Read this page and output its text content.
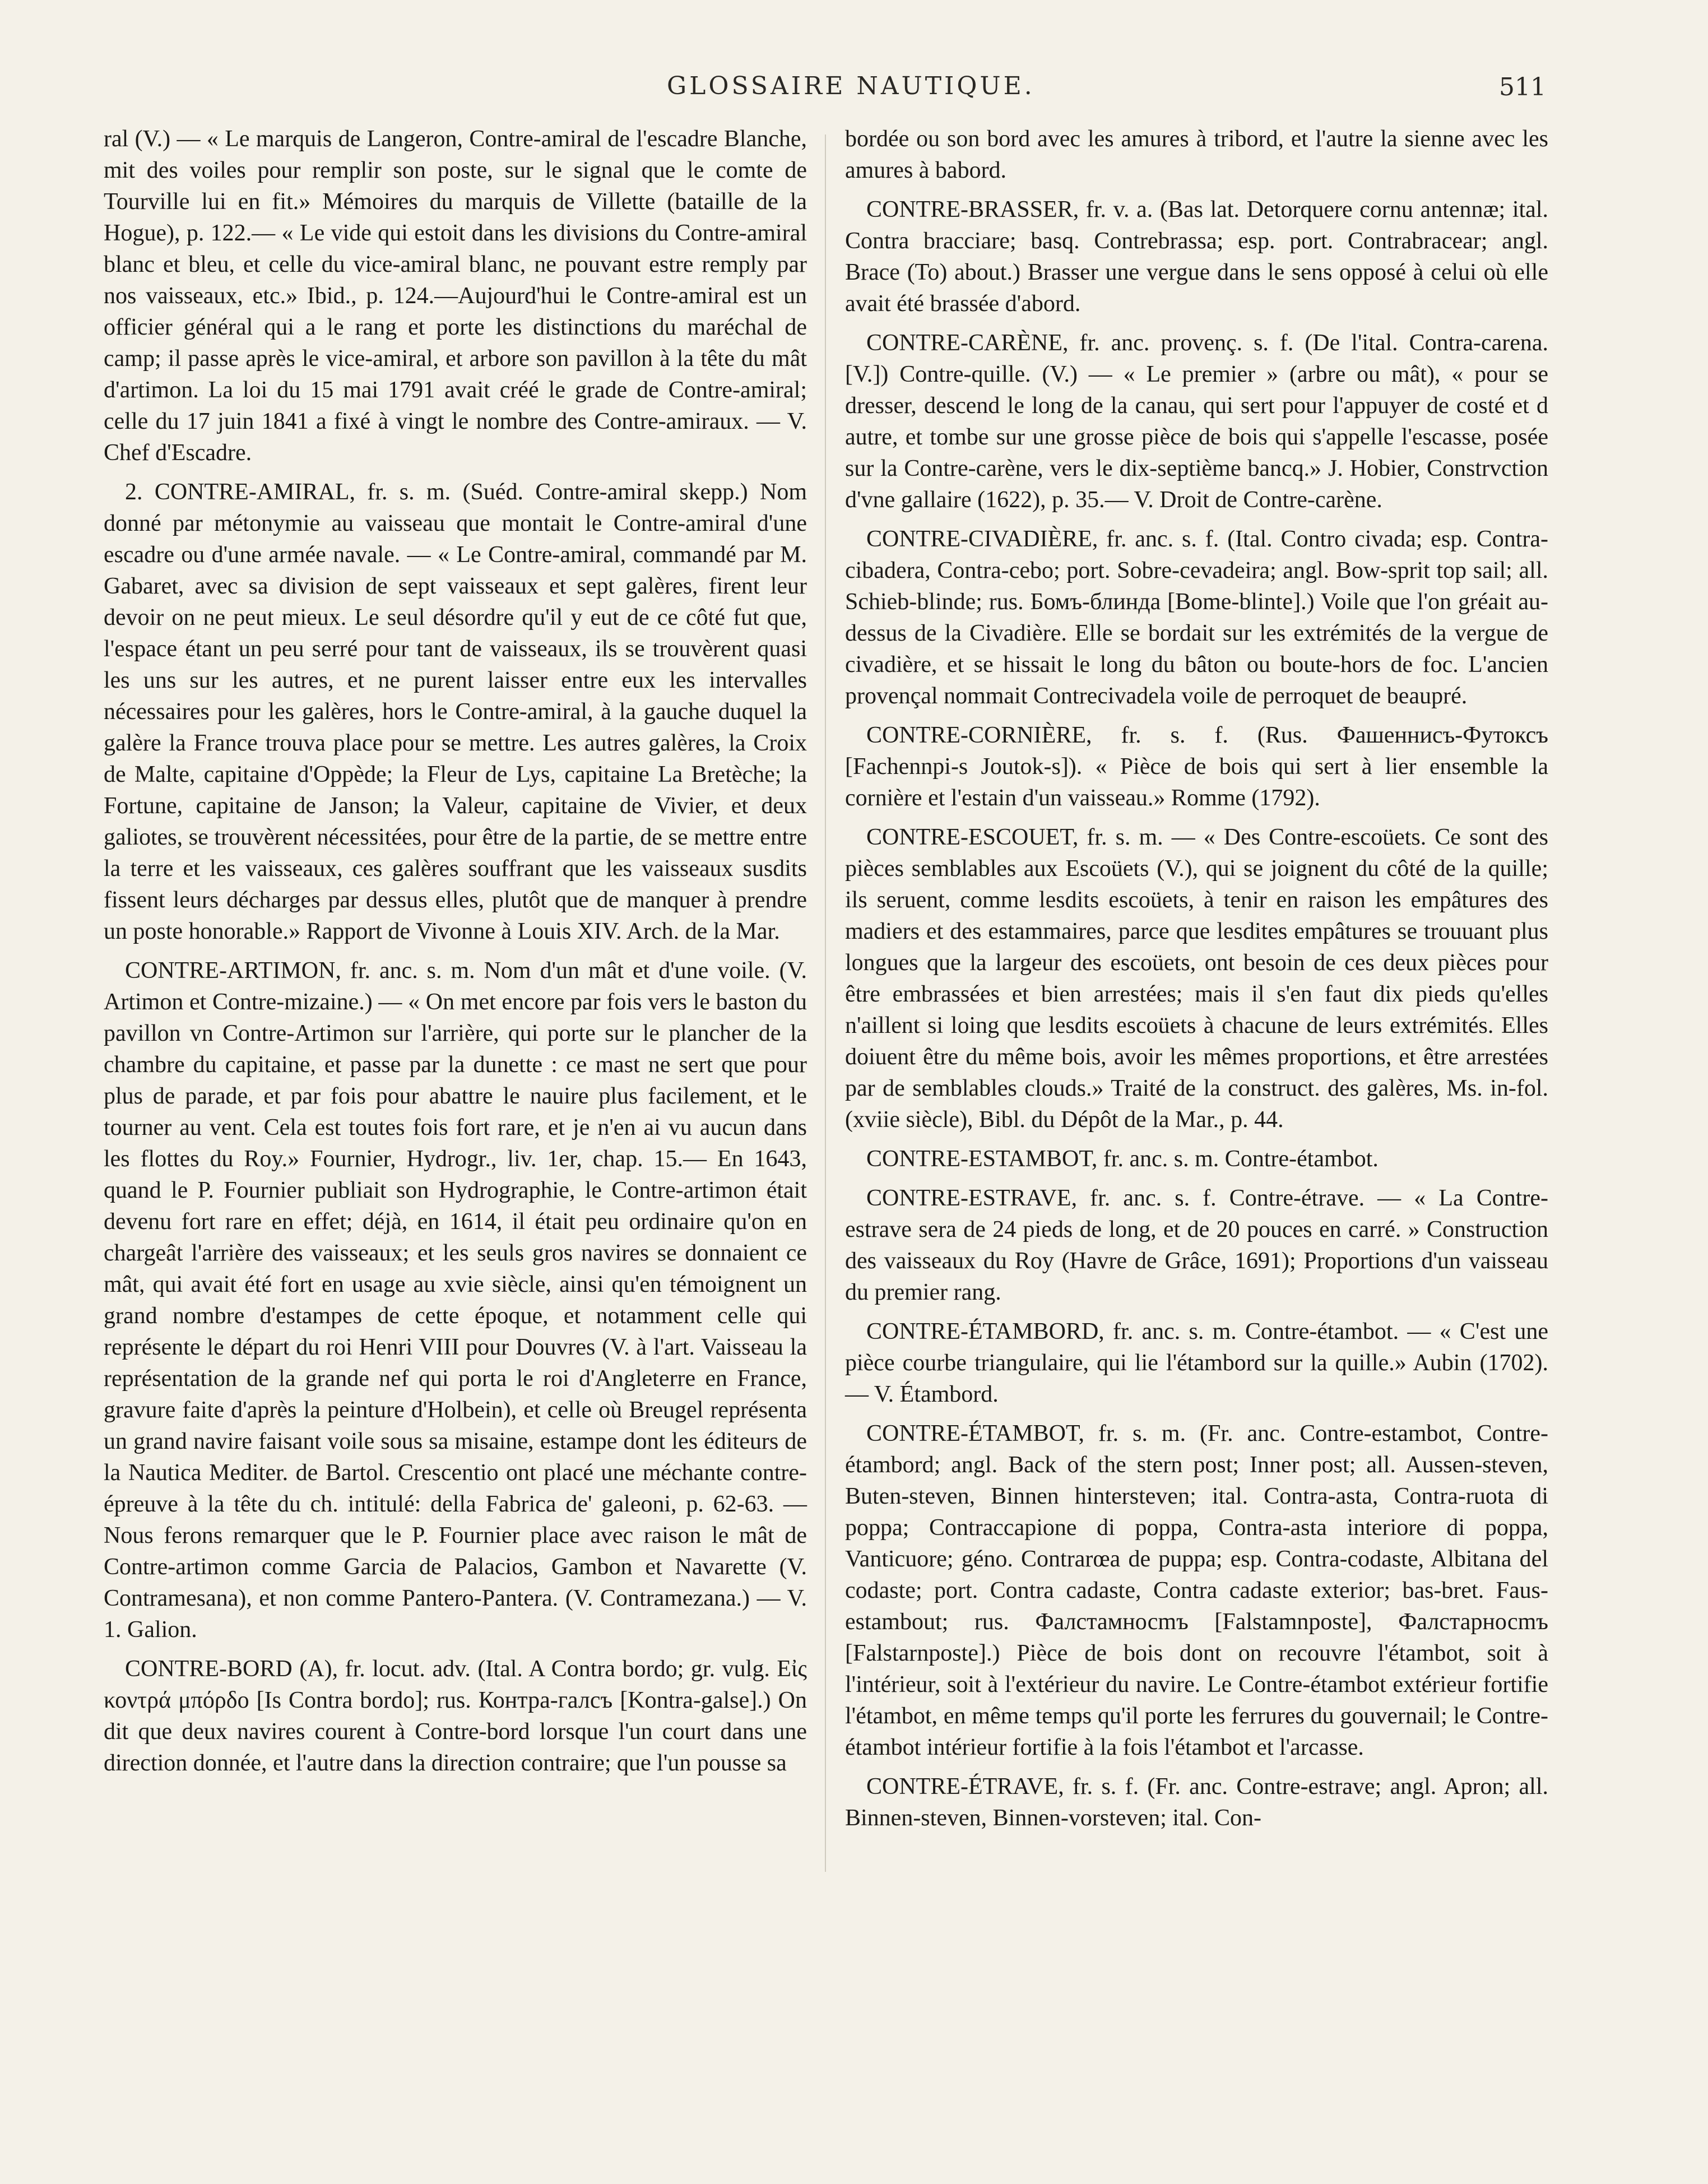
GLOSSAIRE NAUTIQUE.	511

ral (V.) — « Le marquis de Langeron, Contre-amiral de l'escadre Blanche, mit des voiles pour remplir son poste, sur le signal que le comte de Tourville lui en fit.» Mémoires du marquis de Villette (bataille de la Hogue), p. 122.— « Le vide qui estoit dans les divisions du Contre-amiral blanc et bleu, et celle du vice-amiral blanc, ne pouvant estre remply par nos vaisseaux, etc.» Ibid., p. 124.—Aujourd'hui le Contre-amiral est un officier général qui a le rang et porte les distinctions du maréchal de camp; il passe après le vice-amiral, et arbore son pavillon à la tête du mât d'artimon. La loi du 15 mai 1791 avait créé le grade de Contre-amiral; celle du 17 juin 1841 a fixé à vingt le nombre des Contre-amiraux. — V. Chef d'Escadre.

2. CONTRE-AMIRAL, fr. s. m. (Suéd. Contre-amiral skepp.) Nom donné par métonymie au vaisseau que montait le Contre-amiral d'une escadre ou d'une armée navale. — « Le Contre-amiral, commandé par M. Gabaret, avec sa division de sept vaisseaux et sept galères, firent leur devoir on ne peut mieux. Le seul désordre qu'il y eut de ce côté fut que, l'espace étant un peu serré pour tant de vaisseaux, ils se trouvèrent quasi les uns sur les autres, et ne purent laisser entre eux les intervalles nécessaires pour les galères, hors le Contre-amiral, à la gauche duquel la galère la France trouva place pour se mettre. Les autres galères, la Croix de Malte, capitaine d'Oppède; la Fleur de Lys, capitaine La Bretèche; la Fortune, capitaine de Janson; la Valeur, capitaine de Vivier, et deux galiotes, se trouvèrent nécessitées, pour être de la partie, de se mettre entre la terre et les vaisseaux, ces galères souffrant que les vaisseaux susdits fissent leurs décharges par dessus elles, plutôt que de manquer à prendre un poste honorable.» Rapport de Vivonne à Louis XIV. Arch. de la Mar.

CONTRE-ARTIMON, fr. anc. s. m. Nom d'un mât et d'une voile. (V. Artimon et Contre-mizaine.) — « On met encore par fois vers le baston du pavillon vn Contre-Artimon sur l'arrière, qui porte sur le plancher de la chambre du capitaine, et passe par la dunette : ce mast ne sert que pour plus de parade, et par fois pour abattre le nauire plus facilement, et le tourner au vent. Cela est toutes fois fort rare, et je n'en ai vu aucun dans les flottes du Roy.» Fournier, Hydrogr., liv. 1er, chap. 15.— En 1643, quand le P. Fournier publiait son Hydrographie, le Contre-artimon était devenu fort rare en effet; déjà, en 1614, il était peu ordinaire qu'on en chargeât l'arrière des vaisseaux; et les seuls gros navires se donnaient ce mât, qui avait été fort en usage au xvie siècle, ainsi qu'en témoignent un grand nombre d'estampes de cette époque, et notamment celle qui représente le départ du roi Henri VIII pour Douvres (V. à l'art. Vaisseau la représentation de la grande nef qui porta le roi d'Angleterre en France, gravure faite d'après la peinture d'Holbein), et celle où Breugel représenta un grand navire faisant voile sous sa misaine, estampe dont les éditeurs de la Nautica Mediter. de Bartol. Crescentio ont placé une méchante contre-épreuve à la tête du ch. intitulé: della Fabrica de' galeoni, p. 62-63. — Nous ferons remarquer que le P. Fournier place avec raison le mât de Contre-artimon comme Garcia de Palacios, Gambon et Navarette (V. Contramesana), et non comme Pantero-Pantera. (V. Contramezana.) — V. 1. Galion.

CONTRE-BORD (A), fr. locut. adv. (Ital. A Contra bordo; gr. vulg. Εἰς κοντρά μπόρδο [Is Contra bordo]; rus. Контра-галсъ [Kontra-galse].) On dit que deux navires courent à Contre-bord lorsque l'un court dans une direction donnée, et l'autre dans la direction contraire; que l'un pousse sa

bordée ou son bord avec les amures à tribord, et l'autre la sienne avec les amures à babord.

CONTRE-BRASSER, fr. v. a. (Bas lat. Detorquere cornu antennæ; ital. Contra bracciare; basq. Contrebrassa; esp. port. Contrabracear; angl. Brace (To) about.) Brasser une vergue dans le sens opposé à celui où elle avait été brassée d'abord.

CONTRE-CARÈNE, fr. anc. provenç. s. f. (De l'ital. Contra-carena. [V.]) Contre-quille. (V.) — « Le premier » (arbre ou mât), « pour se dresser, descend le long de la canau, qui sert pour l'appuyer de costé et d autre, et tombe sur une grosse pièce de bois qui s'appelle l'escasse, posée sur la Contre-carène, vers le dix-septième bancq.» J. Hobier, Constrvction d'vne gallaire (1622), p. 35.— V. Droit de Contre-carène.

CONTRE-CIVADIÈRE, fr. anc. s. f. (Ital. Contro civada; esp. Contra-cibadera, Contra-cebo; port. Sobre-cevadeira; angl. Bow-sprit top sail; all. Schieb-blinde; rus. Бомъ-блинда [Bome-blinte].) Voile que l'on gréait au-dessus de la Civadière. Elle se bordait sur les extrémités de la vergue de civadière, et se hissait le long du bâton ou boute-hors de foc. L'ancien provençal nommait Contrecivadela voile de perroquet de beaupré.

CONTRE-CORNIÈRE, fr. s. f. (Rus. Фашеннисъ-Футоксъ [Fachennpi-s Joutok-s]). « Pièce de bois qui sert à lier ensemble la cornière et l'estain d'un vaisseau.» Romme (1792).

CONTRE-ESCOUET, fr. s. m. — « Des Contre-escoüets. Ce sont des pièces semblables aux Escoüets (V.), qui se joignent du côté de la quille; ils seruent, comme lesdits escoüets, à tenir en raison les empâtures des madiers et des estammaires, parce que lesdites empâtures se trouuant plus longues que la largeur des escoüets, ont besoin de ces deux pièces pour être embrassées et bien arrestées; mais il s'en faut dix pieds qu'elles n'aillent si loing que lesdits escoüets à chacune de leurs extrémités. Elles doiuent être du même bois, avoir les mêmes proportions, et être arrestées par de semblables clouds.» Traité de la construct. des galères, Ms. in-fol. (xviie siècle), Bibl. du Dépôt de la Mar., p. 44.

CONTRE-ESTAMBOT, fr. anc. s. m. Contre-étambot.

CONTRE-ESTRAVE, fr. anc. s. f. Contre-étrave. — « La Contre-estrave sera de 24 pieds de long, et de 20 pouces en carré. » Construction des vaisseaux du Roy (Havre de Grâce, 1691); Proportions d'un vaisseau du premier rang.

CONTRE-ÉTAMBORD, fr. anc. s. m. Contre-étambot. — « C'est une pièce courbe triangulaire, qui lie l'étambord sur la quille.» Aubin (1702). — V. Étambord.

CONTRE-ÉTAMBOT, fr. s. m. (Fr. anc. Contre-estambot, Contre-étambord; angl. Back of the stern post; Inner post; all. Aussen-steven, Buten-steven, Binnen hintersteven; ital. Contra-asta, Contra-ruota di poppa; Contraccapione di poppa, Contra-asta interiore di poppa, Vanticuore; géno. Contrarœa de puppa; esp. Contra-codaste, Albitana del codaste; port. Contra cadaste, Contra cadaste exterior; bas-bret. Faus-estambout; rus. Фалстамносmъ [Falstamnposte], Фалстарносmъ [Falstarnposte].) Pièce de bois dont on recouvre l'étambot, soit à l'intérieur, soit à l'extérieur du navire. Le Contre-étambot extérieur fortifie l'étambot, en même temps qu'il porte les ferrures du gouvernail; le Contre-étambot intérieur fortifie à la fois l'étambot et l'arcasse.

CONTRE-ÉTRAVE, fr. s. f. (Fr. anc. Contre-estrave; angl. Apron; all. Binnen-steven, Binnen-vorsteven; ital. Con-
